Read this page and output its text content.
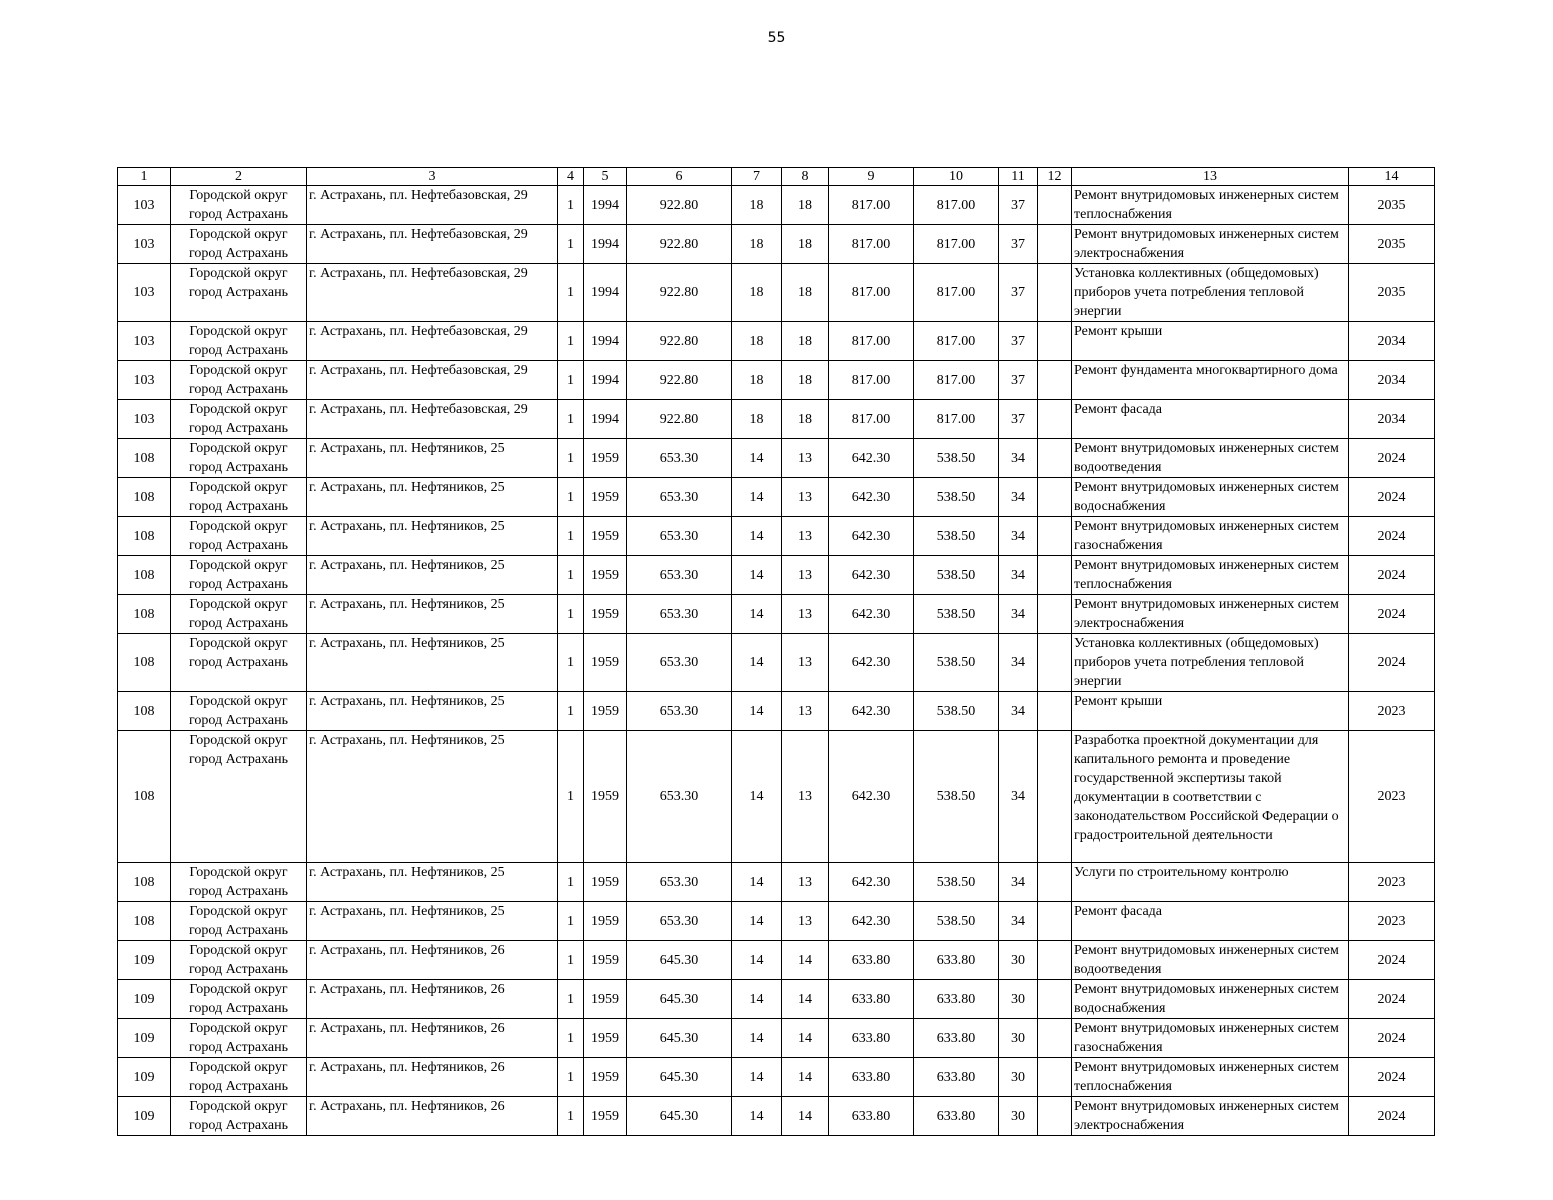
55
1	2	3	4	5	6	7	8	9	10	11	12	13	14
103	Городской округ город Астрахань	г. Астрахань, пл. Нефтебазовская, 29	1	1994	922.80	18	18	817.00	817.00	37		Ремонт внутридомовых инженерных систем теплоснабжения	2035
103	Городской округ город Астрахань	г. Астрахань, пл. Нефтебазовская, 29	1	1994	922.80	18	18	817.00	817.00	37		Ремонт внутридомовых инженерных систем электроснабжения	2035
103	Городской округ город Астрахань	г. Астрахань, пл. Нефтебазовская, 29	1	1994	922.80	18	18	817.00	817.00	37		Установка коллективных (общедомовых) приборов учета потребления тепловой энергии	2035
103	Городской округ город Астрахань	г. Астрахань, пл. Нефтебазовская, 29	1	1994	922.80	18	18	817.00	817.00	37		Ремонт крыши	2034
103	Городской округ город Астрахань	г. Астрахань, пл. Нефтебазовская, 29	1	1994	922.80	18	18	817.00	817.00	37		Ремонт фундамента многоквартирного дома	2034
103	Городской округ город Астрахань	г. Астрахань, пл. Нефтебазовская, 29	1	1994	922.80	18	18	817.00	817.00	37		Ремонт фасада	2034
108	Городской округ город Астрахань	г. Астрахань, пл. Нефтяников, 25	1	1959	653.30	14	13	642.30	538.50	34		Ремонт внутридомовых инженерных систем водоотведения	2024
108	Городской округ город Астрахань	г. Астрахань, пл. Нефтяников, 25	1	1959	653.30	14	13	642.30	538.50	34		Ремонт внутридомовых инженерных систем водоснабжения	2024
108	Городской округ город Астрахань	г. Астрахань, пл. Нефтяников, 25	1	1959	653.30	14	13	642.30	538.50	34		Ремонт внутридомовых инженерных систем газоснабжения	2024
108	Городской округ город Астрахань	г. Астрахань, пл. Нефтяников, 25	1	1959	653.30	14	13	642.30	538.50	34		Ремонт внутридомовых инженерных систем теплоснабжения	2024
108	Городской округ город Астрахань	г. Астрахань, пл. Нефтяников, 25	1	1959	653.30	14	13	642.30	538.50	34		Ремонт внутридомовых инженерных систем электроснабжения	2024
108	Городской округ город Астрахань	г. Астрахань, пл. Нефтяников, 25	1	1959	653.30	14	13	642.30	538.50	34		Установка коллективных (общедомовых) приборов учета потребления тепловой энергии	2024
108	Городской округ город Астрахань	г. Астрахань, пл. Нефтяников, 25	1	1959	653.30	14	13	642.30	538.50	34		Ремонт крыши	2023
108	Городской округ город Астрахань	г. Астрахань, пл. Нефтяников, 25	1	1959	653.30	14	13	642.30	538.50	34		Разработка проектной документации для капитального ремонта и проведение государственной экспертизы такой документации в соответствии с законодательством Российской Федерации о градостроительной деятельности	2023
108	Городской округ город Астрахань	г. Астрахань, пл. Нефтяников, 25	1	1959	653.30	14	13	642.30	538.50	34		Услуги по строительному контролю	2023
108	Городской округ город Астрахань	г. Астрахань, пл. Нефтяников, 25	1	1959	653.30	14	13	642.30	538.50	34		Ремонт фасада	2023
109	Городской округ город Астрахань	г. Астрахань, пл. Нефтяников, 26	1	1959	645.30	14	14	633.80	633.80	30		Ремонт внутридомовых инженерных систем водоотведения	2024
109	Городской округ город Астрахань	г. Астрахань, пл. Нефтяников, 26	1	1959	645.30	14	14	633.80	633.80	30		Ремонт внутридомовых инженерных систем водоснабжения	2024
109	Городской округ город Астрахань	г. Астрахань, пл. Нефтяников, 26	1	1959	645.30	14	14	633.80	633.80	30		Ремонт внутридомовых инженерных систем газоснабжения	2024
109	Городской округ город Астрахань	г. Астрахань, пл. Нефтяников, 26	1	1959	645.30	14	14	633.80	633.80	30		Ремонт внутридомовых инженерных систем теплоснабжения	2024
109	Городской округ город Астрахань	г. Астрахань, пл. Нефтяников, 26	1	1959	645.30	14	14	633.80	633.80	30		Ремонт внутридомовых инженерных систем электроснабжения	2024
